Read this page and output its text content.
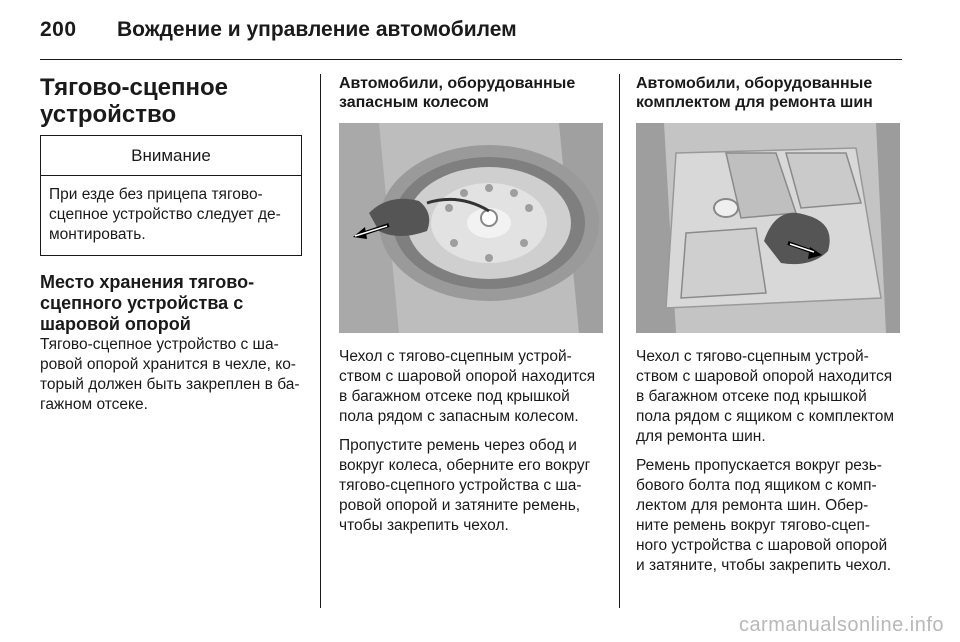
200 Вождение и управление автомобилем
Тягово-сцепное устройство
Внимание
При езде без прицепа тягово-сцепное устройство следует де-монтировать.
Место хранения тягово-сцепного устройства с шаровой опорой

Тягово-сцепное устройство с ша-ровой опорой хранится в чехле, ко-торый должен быть закреплен в ба-гажном отсеке.

Автомобили, оборудованные запасным колесом

Чехол с тягово-сцепным устрой-ством с шаровой опорой находится в багажном отсеке под крышкой пола рядом с запасным колесом.

Пропустите ремень через обод и вокруг колеса, оберните его вокруг тягово-сцепного устройства с ша-ровой опорой и затяните ремень, чтобы закрепить чехол.

Автомобили, оборудованные комплектом для ремонта шин

Чехол с тягово-сцепным устрой-ством с шаровой опорой находится в багажном отсеке под крышкой пола рядом с ящиком с комплектом для ремонта шин.

Ремень пропускается вокруг резь-бового болта под ящиком с комп-лектом для ремонта шин. Обер-ните ремень вокруг тягово-сцеп-ного устройства с шаровой опорой и затяните, чтобы закрепить чехол.

carmanualsonline.info
